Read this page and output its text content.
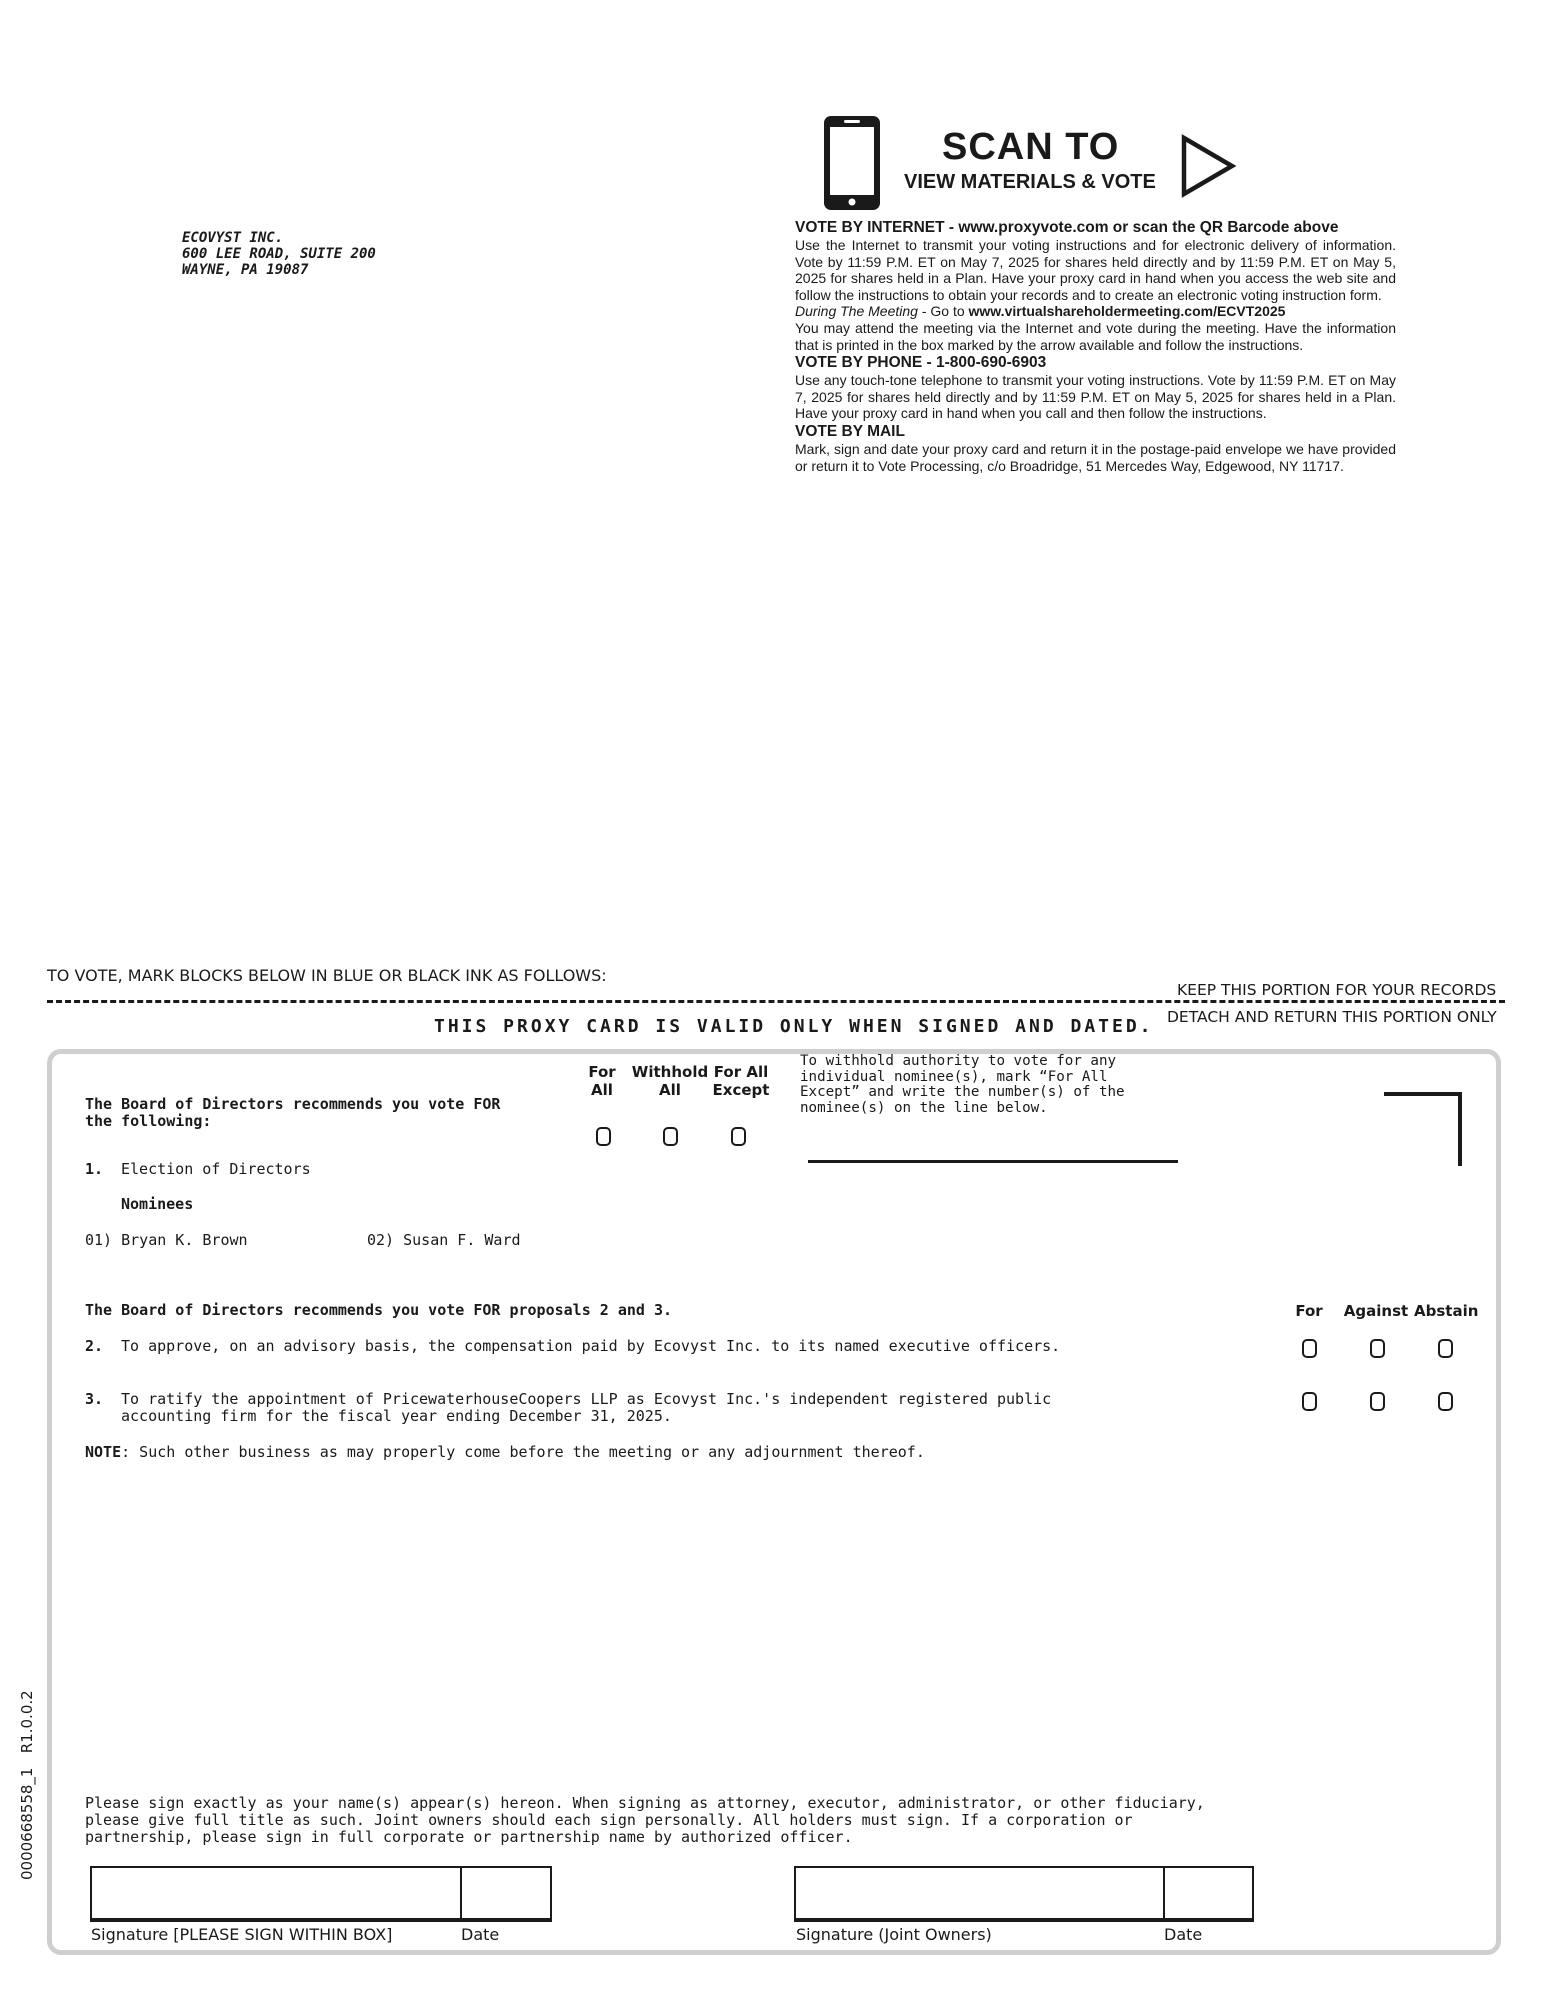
ECOVYST INC.
600 LEE ROAD, SUITE 200
WAYNE, PA 19087
SCAN TO
VIEW MATERIALS & VOTE
VOTE BY INTERNET - www.proxyvote.com or scan the QR Barcode above

Use the Internet to transmit your voting instructions and for electronic delivery of information. Vote by 11:59 P.M. ET on May 7, 2025 for shares held directly and by 11:59 P.M. ET on May 5, 2025 for shares held in a Plan. Have your proxy card in hand when you access the web site and follow the instructions to obtain your records and to create an electronic voting instruction form.

During The Meeting - Go to www.virtualshareholdermeeting.com/ECVT2025

You may attend the meeting via the Internet and vote during the meeting. Have the information that is printed in the box marked by the arrow available and follow the instructions.

VOTE BY PHONE - 1-800-690-6903

Use any touch-tone telephone to transmit your voting instructions. Vote by 11:59 P.M. ET on May 7, 2025 for shares held directly and by 11:59 P.M. ET on May 5, 2025 for shares held in a Plan. Have your proxy card in hand when you call and then follow the instructions.

VOTE BY MAIL

Mark, sign and date your proxy card and return it in the postage-paid envelope we have provided or return it to Vote Processing, c/o Broadridge, 51 Mercedes Way, Edgewood, NY 11717.

TO VOTE, MARK BLOCKS BELOW IN BLUE OR BLACK INK AS FOLLOWS:
KEEP THIS PORTION FOR YOUR RECORDS
DETACH AND RETURN THIS PORTION ONLY
THIS PROXY CARD IS VALID ONLY WHEN SIGNED AND DATED.
The Board of Directors recommends you vote FOR
the following:
For
All
Withhold
All
For All
Except
To withhold authority to vote for any
individual nominee(s), mark “For All
Except” and write the number(s) of the
nominee(s) on the line below.
1. Election of Directors
Nominees
01) Bryan K. Brown	02) Susan F. Ward
The Board of Directors recommends you vote FOR proposals 2 and 3.	For	Against Abstain
2. To approve, on an advisory basis, the compensation paid by Ecovyst Inc. to its named executive officers.
3. To ratify the appointment of PricewaterhouseCoopers LLP as Ecovyst Inc.'s independent registered public
accounting firm for the fiscal year ending December 31, 2025.
NOTE: Such other business as may properly come before the meeting or any adjournment thereof.
Please sign exactly as your name(s) appear(s) hereon. When signing as attorney, executor, administrator, or other fiduciary,
please give full title as such. Joint owners should each sign personally. All holders must sign. If a corporation or
partnership, please sign in full corporate or partnership name by authorized officer.
Signature [PLEASE SIGN WITHIN BOX]	Date	Signature (Joint Owners)	Date
0000668558_1   R1.0.0.2
